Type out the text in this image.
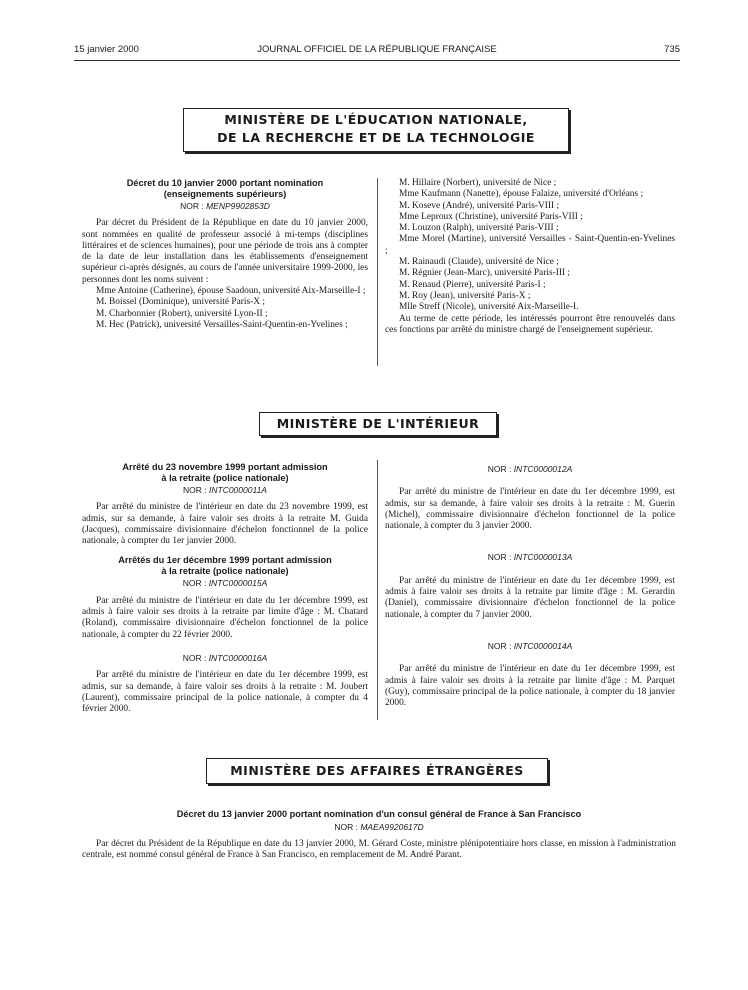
15 janvier 2000	JOURNAL OFFICIEL DE LA RÉPUBLIQUE FRANÇAISE	735
MINISTÈRE DE L'ÉDUCATION NATIONALE,
DE LA RECHERCHE ET DE LA TECHNOLOGIE
Décret du 10 janvier 2000 portant nomination
(enseignements supérieurs)
NOR : MENP9902853D

Par décret du Président de la République en date du 10 janvier 2000, sont nommées en qualité de professeur associé à mi-temps (disciplines littéraires et de sciences humaines), pour une période de trois ans à compter de la date de leur installation dans les établissements d'enseignement supérieur ci-après désignés, au cours de l'année universitaire 1999-2000, les personnes dont les noms suivent :

Mme Antoine (Catherine), épouse Saadoun, université Aix-Marseille-I ;

M. Boissel (Dominique), université Paris-X ;

M. Charbonnier (Robert), université Lyon-II ;

M. Hec (Patrick), université Versailles-Saint-Quentin-en-Yvelines ;

M. Hillaire (Norbert), université de Nice ;

Mme Kaufmann (Nanette), épouse Falaize, université d'Orléans ;

M. Koseve (André), université Paris-VIII ;

Mme Leproux (Christine), université Paris-VIII ;

M. Louzon (Ralph), université Paris-VIII ;

Mme Morel (Martine), université Versailles - Saint-Quentin-en-Yvelines ;

M. Rainaudi (Claude), université de Nice ;

M. Régnier (Jean-Marc), université Paris-III ;

M. Renaud (Pierre), université Paris-I ;

M. Roy (Jean), université Paris-X ;

Mlle Streff (Nicole), université Aix-Marseille-I.

Au terme de cette période, les intéressés pourront être renouvelés dans ces fonctions par arrêté du ministre chargé de l'enseignement supérieur.

MINISTÈRE DE L'INTÉRIEUR
Arrêté du 23 novembre 1999 portant admission
à la retraite (police nationale)
NOR : INTC0000011A

Par arrêté du ministre de l'intérieur en date du 23 novembre 1999, est admis, sur sa demande, à faire valoir ses droits à la retraite M. Guida (Jacques), commissaire divisionnaire d'échelon fonctionnel de la police nationale, à compter du 1er janvier 2000.

Arrêtés du 1er décembre 1999 portant admission
à la retraite (police nationale)
NOR : INTC0000015A

Par arrêté du ministre de l'intérieur en date du 1er décembre 1999, est admis à faire valoir ses droits à la retraite par limite d'âge : M. Chatard (Roland), commissaire divisionnaire d'échelon fonctionnel de la police nationale, à compter du 22 février 2000.

NOR : INTC0000016A

Par arrêté du ministre de l'intérieur en date du 1er décembre 1999, est admis, sur sa demande, à faire valoir ses droits à la retraite : M. Joubert (Laurent), commissaire principal de la police nationale, à compter du 4 février 2000.

NOR : INTC0000012A

Par arrêté du ministre de l'intérieur en date du 1er décembre 1999, est admis, sur sa demande, à faire valoir ses droits à la retraite : M. Guerin (Michel), commissaire divisionnaire d'échelon fonctionnel de la police nationale, à compter du 3 janvier 2000.

NOR : INTC0000013A

Par arrêté du ministre de l'intérieur en date du 1er décembre 1999, est admis à faire valoir ses droits à la retraite par limite d'âge : M. Gerardin (Daniel), commissaire divisionnaire d'échelon fonctionnel de la police nationale, à compter du 7 janvier 2000.

NOR : INTC0000014A

Par arrêté du ministre de l'intérieur en date du 1er décembre 1999, est admis à faire valoir ses droits à la retraite par limite d'âge : M. Parquet (Guy), commissaire principal de la police nationale, à compter du 18 janvier 2000.

MINISTÈRE DES AFFAIRES ÉTRANGÈRES
Décret du 13 janvier 2000 portant nomination d'un consul général de France à San Francisco
NOR : MAEA9920617D

Par décret du Président de la République en date du 13 janvier 2000, M. Gérard Coste, ministre plénipotentiaire hors classe, en mission à l'administration centrale, est nommé consul général de France à San Francisco, en remplacement de M. André Parant.
